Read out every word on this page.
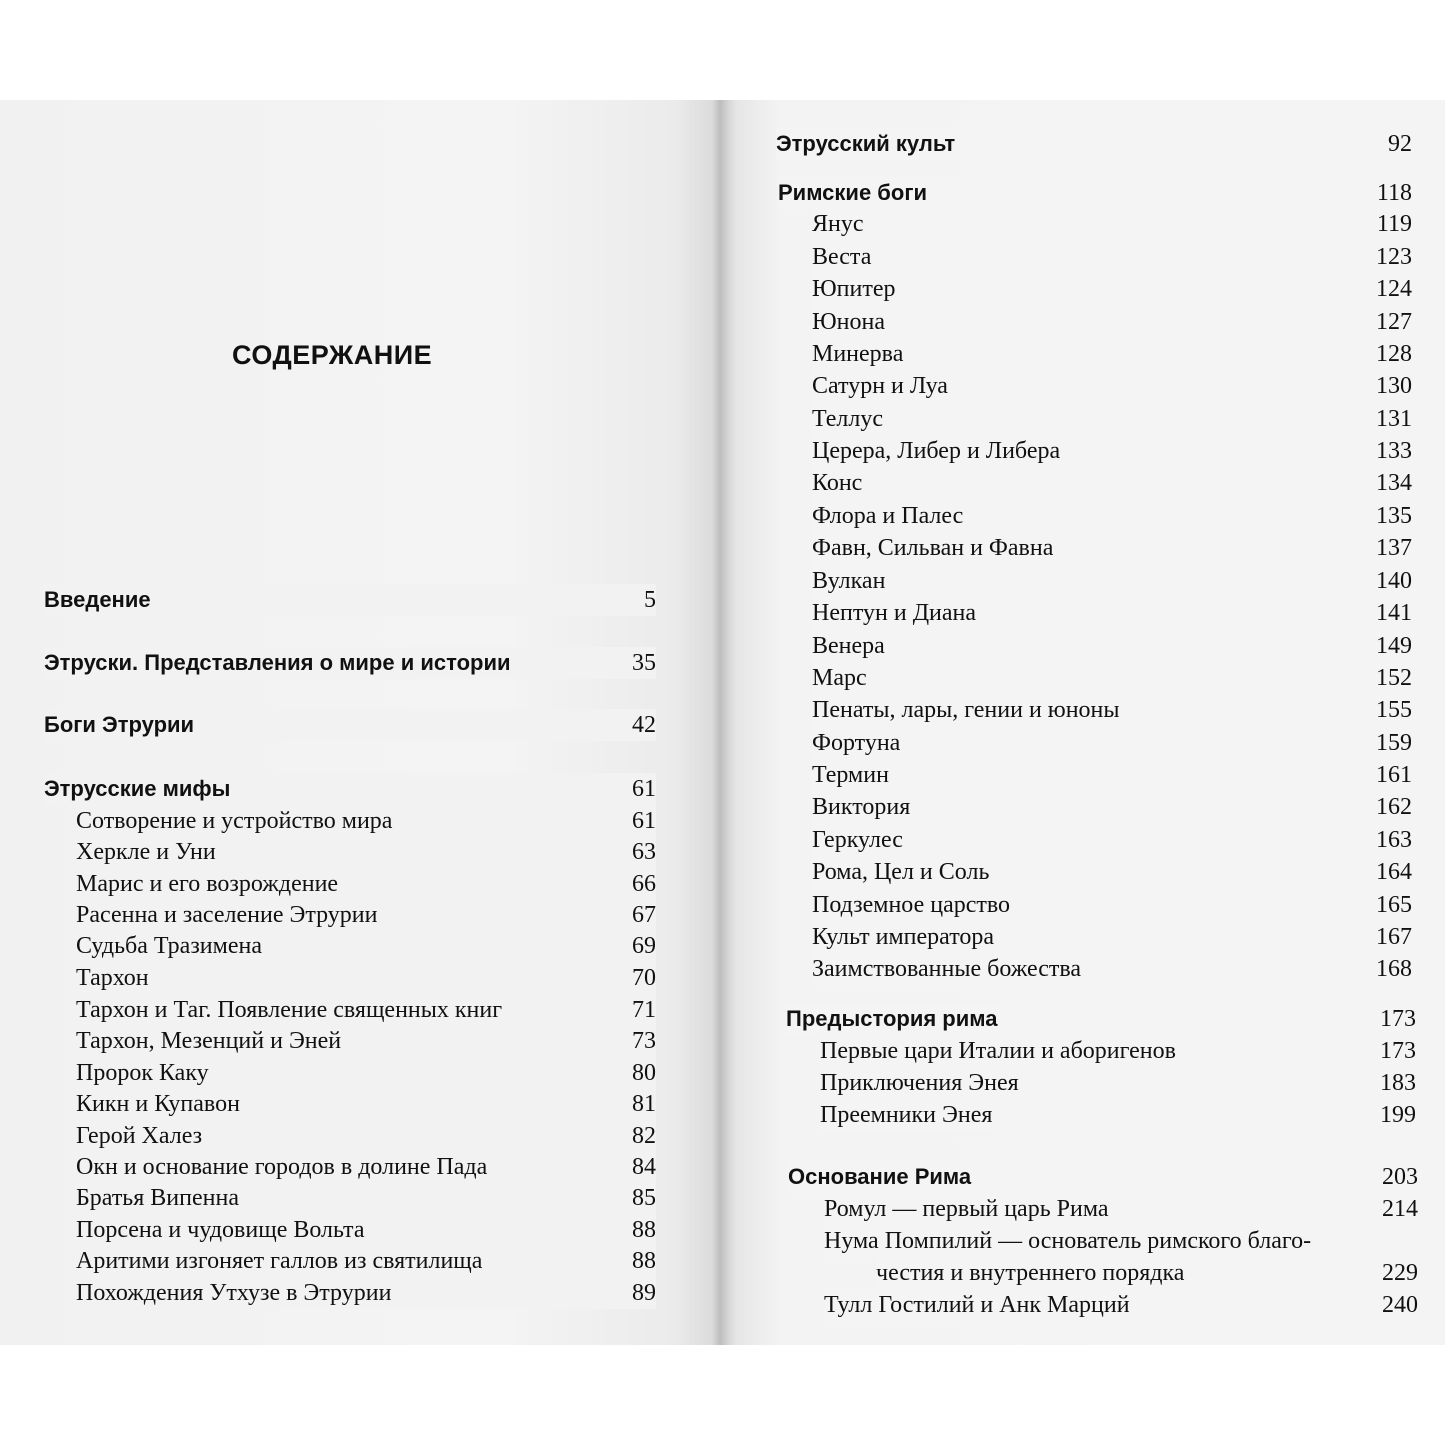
СОДЕРЖАНИЕ
Введение	5
Этруски. Представления о мире и истории	35
Боги Этрурии	42
Этрусские мифы	61
Сотворение и устройство мира	61
Херкле и Уни	63
Марис и его возрождение	66
Расенна и заселение Этрурии	67
Судьба Тразимена	69
Тархон	70
Тархон и Таг. Появление священных книг	71
Тархон, Мезенций и Эней	73
Пророк Каку	80
Кикн и Купавон	81
Герой Халез	82
Окн и основание городов в долине Пада	84
Братья Випенна	85
Порсена и чудовище Вольта	88
Аритими изгоняет галлов из святилища	88
Похождения Утхузе в Этрурии	89
Этрусский культ	92
Римские боги	118
Янус	119
Веста	123
Юпитер	124
Юнона	127
Минерва	128
Сатурн и Луа	130
Теллус	131
Церера, Либер и Либера	133
Конс	134
Флора и Палес	135
Фавн, Сильван и Фавна	137
Вулкан	140
Нептун и Диана	141
Венера	149
Марс	152
Пенаты, лары, гении и юноны	155
Фортуна	159
Термин	161
Виктория	162
Геркулес	163
Рома, Цел и Соль	164
Подземное царство	165
Культ императора	167
Заимствованные божества	168
Предыстория рима	173
Первые цари Италии и аборигенов	173
Приключения Энея	183
Преемники Энея	199
Основание Рима	203
Ромул — первый царь Рима	214
Нума Помпилий — основатель римского благо-
честия и внутреннего порядка	229
Тулл Гостилий и Анк Марций	240
